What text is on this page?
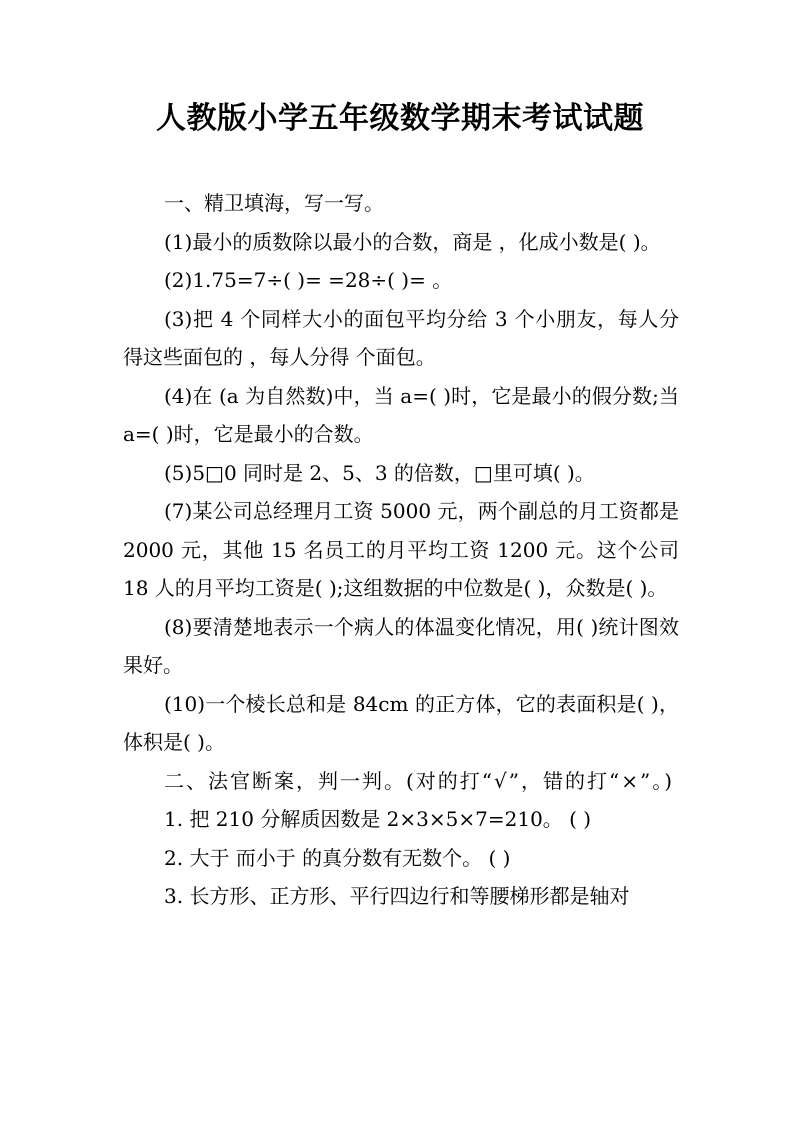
人教版小学五年级数学期末考试试题

一、精卫填海，写一写。

(1)最小的质数除以最小的合数，商是 ，化成小数是( )。

(2)1.75=7÷( )= =28÷( )= 。

(3)把 4 个同样大小的面包平均分给 3 个小朋友，每人分得这些面包的 ，每人分得 个面包。

(4)在 (a 为自然数)中，当 a=( )时，它是最小的假分数;当 a=( )时，它是最小的合数。

(5)5□0 同时是 2、5、3 的倍数，□里可填( )。

(7)某公司总经理月工资 5000 元，两个副总的月工资都是 2000 元，其他 15 名员工的月平均工资 1200 元。这个公司 18 人的月平均工资是( );这组数据的中位数是( )，众数是( )。

(8)要清楚地表示一个病人的体温变化情况，用( )统计图效果好。

(10)一个棱长总和是 84cm 的正方体，它的表面积是( )，体积是( )。

二、法官断案，判一判。(对的打“√”，错的打“×”。)

1. 把 210 分解质因数是 2×3×5×7=210。 ( )

2. 大于 而小于 的真分数有无数个。 ( )

3. 长方形、正方形、平行四边行和等腰梯形都是轴对
